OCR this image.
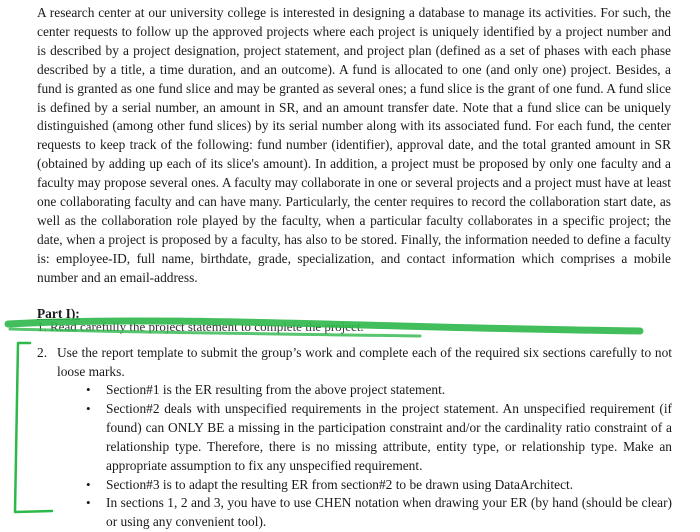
A research center at our university college is interested in designing a database to manage its activities. For such, the center requests to follow up the approved projects where each project is uniquely identified by a project number and is described by a project designation, project statement, and project plan (defined as a set of phases with each phase described by a title, a time duration, and an outcome). A fund is allocated to one (and only one) project. Besides, a fund is granted as one fund slice and may be granted as several ones; a fund slice is the grant of one fund. A fund slice is defined by a serial number, an amount in SR, and an amount transfer date. Note that a fund slice can be uniquely distinguished (among other fund slices) by its serial number along with its associated fund. For each fund, the center requests to keep track of the following: fund number (identifier), approval date, and the total granted amount in SR (obtained by adding up each of its slice's amount). In addition, a project must be proposed by only one faculty and a faculty may propose several ones. A faculty may collaborate in one or several projects and a project must have at least one collaborating faculty and can have many. Particularly, the center requires to record the collaboration start date, as well as the collaboration role played by the faculty, when a particular faculty collaborates in a specific project; the date, when a project is proposed by a faculty, has also to be stored. Finally, the information needed to define a faculty is: employee-ID, full name, birthdate, grade, specialization, and contact information which comprises a mobile number and an email-address.

Part I):

1. Read carefully the project statement to complete the project.
2. Use the report template to submit the group’s work and complete each of the required six sections carefully to not loose marks.
• Section#1 is the ER resulting from the above project statement.
• Section#2 deals with unspecified requirements in the project statement. An unspecified requirement (if found) can ONLY BE a missing in the participation constraint and/or the cardinality ratio constraint of a relationship type. Therefore, there is no missing attribute, entity type, or relationship type. Make an appropriate assumption to fix any unspecified requirement.
• Section#3 is to adapt the resulting ER from section#2 to be drawn using DataArchitect.
• In sections 1, 2 and 3, you have to use CHEN notation when drawing your ER (by hand (should be clear) or using any convenient tool).
